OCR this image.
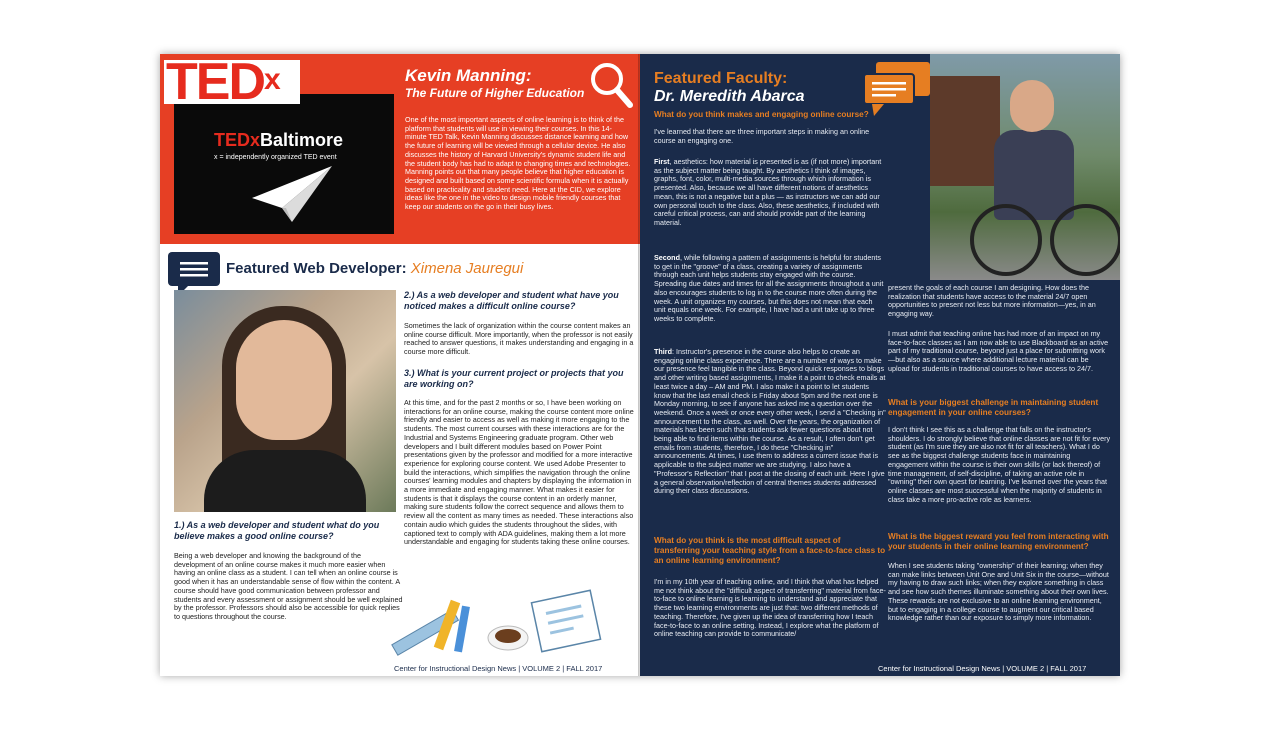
TEDxBaltimore
x = independently organized TED event
TED$^x$	Kevin Manning:
The Future of Higher Education

One of the most important aspects of online learning is to think of the platform that students will use in viewing their courses. In this 14-minute TED Talk, Kevin Manning discusses distance learning and how the future of learning will be viewed through a cellular device. He also discusses the history of Harvard University's dynamic student life and the student body has had to adapt to changing times and technologies. Manning points out that many people believe that higher education is designed and built based on some scientific formula when it is actually based on practicality and student need. Here at the CID, we explore ideas like the one in the video to design mobile friendly courses that keep our students on the go in their busy lives.

Featured Web Developer: Ximena Jauregui

1.) As a web developer and student what do you believe makes a good online course?

Being a web developer and knowing the background of the development of an online course makes it much more easier when having an online class as a student. I can tell when an online course is good when it has an understandable sense of flow within the content. A course should have good communication between professor and students and every assessment or assignment should be well explained by the professor. Professors should also be accessible for quick replies to questions throughout the course.

2.) As a web developer and student what have you noticed makes a difficult online course?

Sometimes the lack of organization within the course content makes an online course difficult. More importantly, when the professor is not easily reached to answer questions, it makes understanding and engaging in a course more difficult.

3.) What is your current project or projects that you are working on?

At this time, and for the past 2 months or so, I have been working on interactions for an online course, making the course content more online friendly and easier to access as well as making it more engaging to the students. The most current courses with these interactions are for the Industrial and Systems Engineering graduate program. Other web developers and I built different modules based on Power Point presentations given by the professor and modified for a more interactive experience for exploring course content. We used Adobe Presenter to build the interactions, which simplifies the navigation through the online courses' learning modules and chapters by displaying the information in a more immediate and engaging manner. What makes it easier for students is that it displays the course content in an orderly manner, making sure students follow the correct sequence and allows them to review all the content as many times as needed. These interactions also contain audio which guides the students throughout the slides, with captioned text to comply with ADA guidelines, making them a lot more understandable and engaging for students taking these online courses.

Center for Instructional Design News | VOLUME 2 | FALL 2017
Featured Faculty:
Dr. Meredith Abarca

What do you think makes and engaging online course?

I've learned that there are three important steps in making an online course an engaging one.

First, aesthetics: how material is presented is as (if not more) important as the subject matter being taught. By aesthetics I think of images, graphs, font, color, multi-media sources through which information is presented. Also, because we all have different notions of aesthetics mean, this is not a negative but a plus — as instructors we can add our own personal touch to the class. Also, these aesthetics, if included with careful critical process, can and should provide part of the learning material.

Second, while following a pattern of assignments is helpful for students to get in the "groove" of a class, creating a variety of assignments through each unit helps students stay engaged with the course. Spreading due dates and times for all the assignments throughout a unit also encourages students to log in to the course more often during the week. A unit organizes my courses, but this does not mean that each unit equals one week. For example, I have had a unit take up to three weeks to complete.

Third: Instructor's presence in the course also helps to create an engaging online class experience. There are a number of ways to make our presence feel tangible in the class. Beyond quick responses to blogs and other writing based assignments, I make it a point to check emails at least twice a day – AM and PM. I also make it a point to let students know that the last email check is Friday about 5pm and the next one is Monday morning, to see if anyone has asked me a question over the weekend. Once a week or once every other week, I send a "Checking in" announcement to the class, as well. Over the years, the organization of materials has been such that students ask fewer questions about not being able to find items within the course. As a result, I often don't get emails from students, therefore, I do these "Checking in" announcements. At times, I use them to address a current issue that is applicable to the subject matter we are studying. I also have a "Professor's Reflection" that I post at the closing of each unit. Here I give a general observation/reflection of central themes students addressed during their class discussions.

What do you think is the most difficult aspect of transferring your teaching style from a face-to-face class to an online learning environment?

I'm in my 10th year of teaching online, and I think that what has helped me not think about the "difficult aspect of transferring" material from face-to-face to online learning is learning to understand and appreciate that these two learning environments are just that: two different methods of teaching. Therefore, I've given up the idea of transferring how I teach face-to-face to an online setting. Instead, I explore what the platform of online teaching can provide to communicate/

present the goals of each course I am designing. How does the realization that students have access to the material 24/7 open opportunities to present not less but more information—yes, in an engaging way.

I must admit that teaching online has had more of an impact on my face-to-face classes as I am now able to use Blackboard as an active part of my traditional course, beyond just a place for submitting work—but also as a source where additional lecture material can be upload for students in traditional courses to have access to 24/7.

What is your biggest challenge in maintaining student engagement in your online courses?

I don't think I see this as a challenge that falls on the instructor's shoulders. I do strongly believe that online classes are not fit for every student (as I'm sure they are also not fit for all teachers). What I do see as the biggest challenge students face in maintaining engagement within the course is their own skills (or lack thereof) of time management, of self-discipline, of taking an active role in "owning" their own quest for learning. I've learned over the years that online classes are most successful when the majority of students in class take a more pro-active role as learners.

What is the biggest reward you feel from interacting with your students in their online learning environment?

When I see students taking "ownership" of their learning; when they can make links between Unit One and Unit Six in the course—without my having to draw such links; when they explore something in class and see how such themes illuminate something about their own lives. These rewards are not exclusive to an online learning environment, but to engaging in a college course to augment our critical based knowledge rather than our exposure to simply more information.

Center for Instructional Design News | VOLUME 2 | FALL 2017
